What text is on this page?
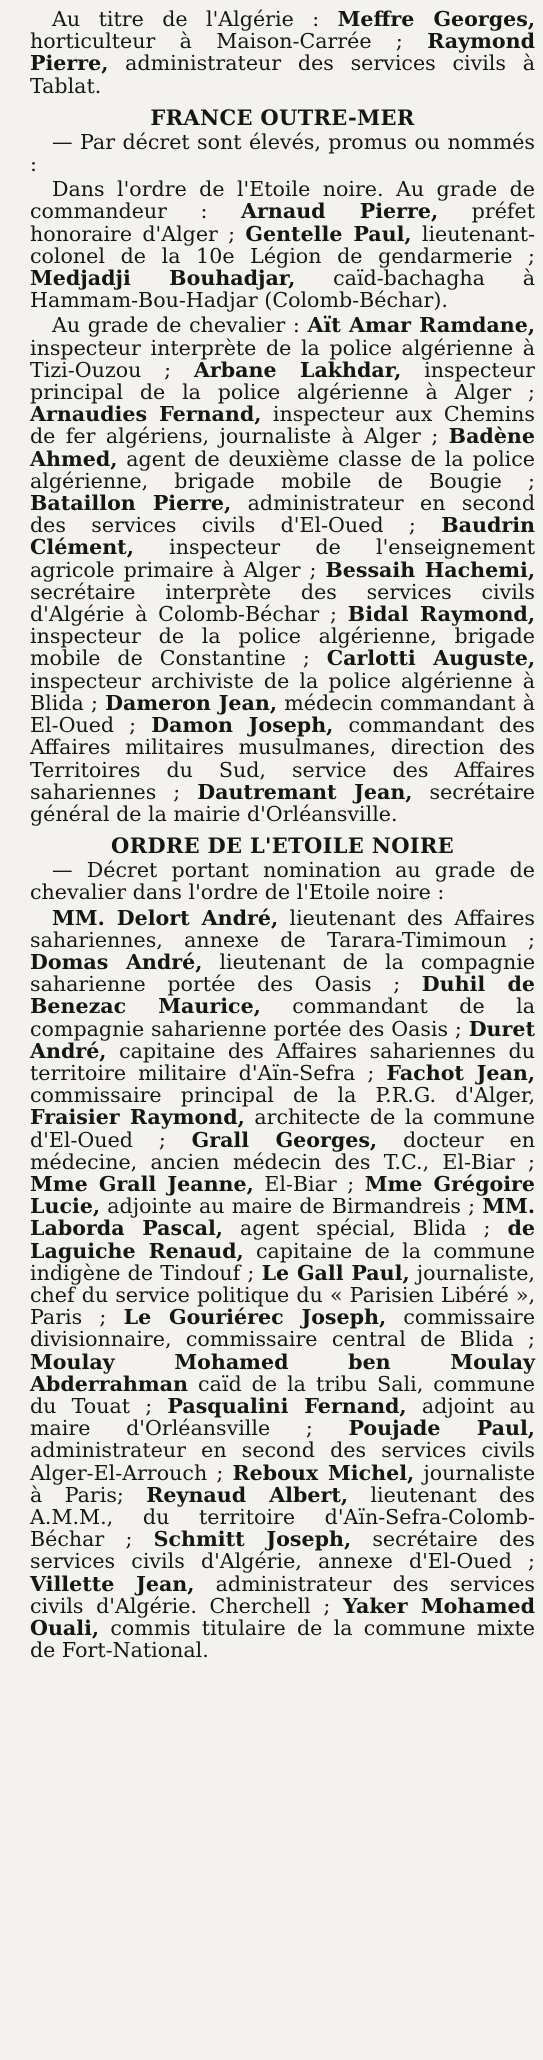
Au titre de l'Algérie : Meffre Georges, horticulteur à Maison-Carrée ; Raymond Pierre, administrateur des services civils à Tablat.

FRANCE OUTRE-MER

— Par décret sont élevés, promus ou nommés :

Dans l'ordre de l'Etoile noire. Au grade de commandeur : Arnaud Pierre, préfet honoraire d'Alger ; Gentelle Paul, lieutenant-colonel de la 10e Légion de gendarmerie ; Medjadji Bouhadjar, caïd-bachagha à Hammam-Bou-Hadjar (Colomb-Béchar).

Au grade de chevalier : Aït Amar Ramdane, inspecteur interprète de la police algérienne à Tizi-Ouzou ; Arbane Lakhdar, inspecteur principal de la police algérienne à Alger ; Arnaudies Fernand, inspecteur aux Chemins de fer algériens, journaliste à Alger ; Badène Ahmed, agent de deuxième classe de la police algérienne, brigade mobile de Bougie ; Bataillon Pierre, administrateur en second des services civils d'El-Oued ; Baudrin Clément, inspecteur de l'enseignement agricole primaire à Alger ; Bessaih Hachemi, secrétaire interprète des services civils d'Algérie à Colomb-Béchar ; Bidal Raymond, inspecteur de la police algérienne, brigade mobile de Constantine ; Carlotti Auguste, inspecteur archiviste de la police algérienne à Blida ; Dameron Jean, médecin commandant à El-Oued ; Damon Joseph, commandant des Affaires militaires musulmanes, direction des Territoires du Sud, service des Affaires sahariennes ; Dautremant Jean, secrétaire général de la mairie d'Orléansville.

ORDRE DE L'ETOILE NOIRE

— Décret portant nomination au grade de chevalier dans l'ordre de l'Etoile noire :

MM. Delort André, lieutenant des Affaires sahariennes, annexe de Tarara-Timimoun ; Domas André, lieutenant de la compagnie saharienne portée des Oasis ; Duhil de Benezac Maurice, commandant de la compagnie saharienne portée des Oasis ; Duret André, capitaine des Affaires sahariennes du territoire militaire d'Aïn-Sefra ; Fachot Jean, commissaire principal de la P.R.G. d'Alger, Fraisier Raymond, architecte de la commune d'El-Oued ; Grall Georges, docteur en médecine, ancien médecin des T.C., El-Biar ; Mme Grall Jeanne, El-Biar ; Mme Grégoire Lucie, adjointe au maire de Birmandreis ; MM. Laborda Pascal, agent spécial, Blida ; de Laguiche Renaud, capitaine de la commune indigène de Tindouf ; Le Gall Paul, journaliste, chef du service politique du « Parisien Libéré », Paris ; Le Gouriérec Joseph, commissaire divisionnaire, commissaire central de Blida ; Moulay Mohamed ben Moulay Abderrahman caïd de la tribu Sali, commune du Touat ; Pasqualini Fernand, adjoint au maire d'Orléansville ; Poujade Paul, administrateur en second des services civils Alger-El-Arrouch ; Reboux Michel, journaliste à Paris; Reynaud Albert, lieutenant des A.M.M., du territoire d'Aïn-Sefra-Colomb-Béchar ; Schmitt Joseph, secrétaire des services civils d'Algérie, annexe d'El-Oued ; Villette Jean, administrateur des services civils d'Algérie. Cherchell ; Yaker Mohamed Ouali, commis titulaire de la commune mixte de Fort-National.
